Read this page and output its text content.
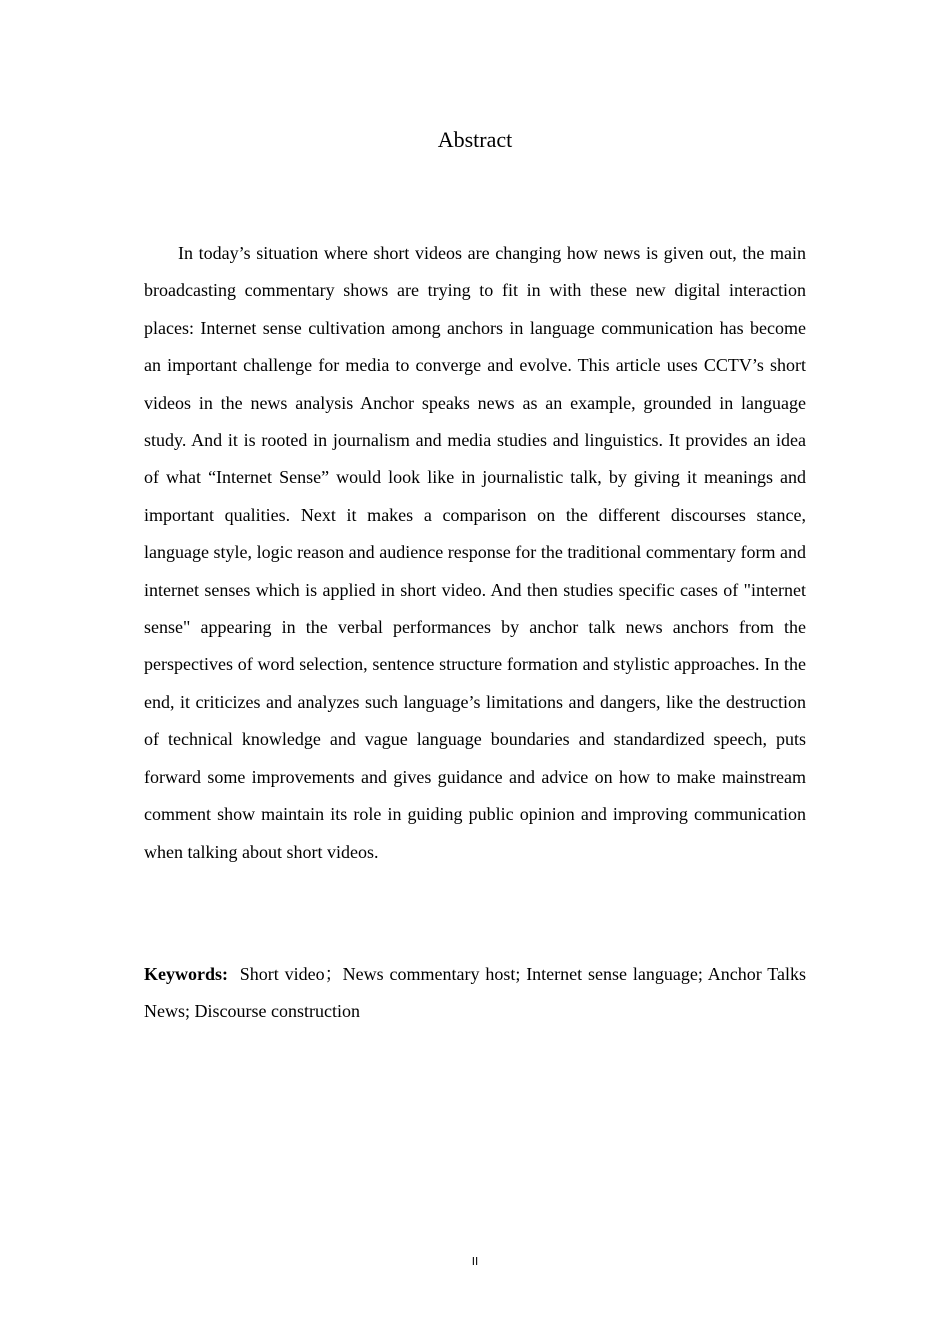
Abstract

In today’s situation where short videos are changing how news is given out, the main broadcasting commentary shows are trying to fit in with these new digital interaction places: Internet sense cultivation among anchors in language communication has become an important challenge for media to converge and evolve. This article uses CCTV’s short videos in the news analysis Anchor speaks news as an example, grounded in language study. And it is rooted in journalism and media studies and linguistics. It provides an idea of what “Internet Sense” would look like in journalistic talk, by giving it meanings and important qualities. Next it makes a comparison on the different discourses stance, language style, logic reason and audience response for the traditional commentary form and internet senses which is applied in short video. And then studies specific cases of "internet sense" appearing in the verbal performances by anchor talk news anchors from the perspectives of word selection, sentence structure formation and stylistic approaches. In the end, it criticizes and analyzes such language’s limitations and dangers, like the destruction of technical knowledge and vague language boundaries and standardized speech, puts forward some improvements and gives guidance and advice on how to make mainstream comment show maintain its role in guiding public opinion and improving communication when talking about short videos.

Keywords: Short video；News commentary host; Internet sense language; Anchor Talks News; Discourse construction

II
